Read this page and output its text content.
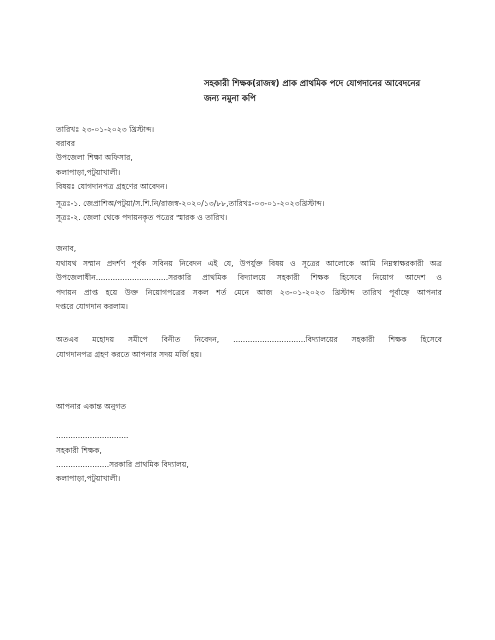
সহকারী শিক্ষক(রাজস্ব) প্রাক প্রাথমিক পদে যোগদানের আবেদনের
জন্য নমুনা কপি
তারিখঃ ২৩-০১-২০২৩ খ্রিস্টাব্দ।
বরাবর
উপজেলা শিক্ষা অফিসার,
কলাপাড়া,পটুয়াখালী।
বিষয়ঃ যোগদানপত্র গ্রহণের আবেদন।
সূত্রঃ-১. জেপ্রাশিঅ/পটুয়া/স.শি.নি/রাজস্ব-২০২০/১৩/৮৮,তারিখঃ-০৩-০১-২০২৩খ্রিস্টাব্দ।
সূত্রঃ-২. জেলা থেকে পদায়নকৃত পত্রের স্মারক ও তারিখ।
জনাব,
যথাযথ সম্মান প্রদর্শণ পূর্বক সবিনয় নিবেদন এই যে, উপর্যুক্ত বিষয় ও সূত্রের আলোকে আমি নিম্নস্বাক্ষরকারী অত্র
উপজেলাধীন..............................সরকারি প্রাথমিক বিদ্যালয়ে সহকারী শিক্ষক হিসেবে নিয়োগ আদেশ ও
পদায়ন প্রাপ্ত হয়ে উক্ত নিয়োগপত্রের সকল শর্ত মেনে আজ ২৩-০১-২০২৩ খ্রিস্টাব্দ তারিখ পূর্বাহ্নে আপনার
দপ্তরে যোগদান করলাম।
অতএব মহোদয় সমীপে বিনীত নিবেদন, ..............................বিদ্যালয়ের সহকারী শিক্ষক হিসেবে
যোগদানপত্র গ্রহণ করতে আপনার সদয় মর্জি হয়।
আপনার একান্ত অনুগত
..............................
সহকারী শিক্ষক,
......................সরকারি প্রাথমিক বিদ্যালয়,
কলাপাড়া,পটুয়াখালী।
